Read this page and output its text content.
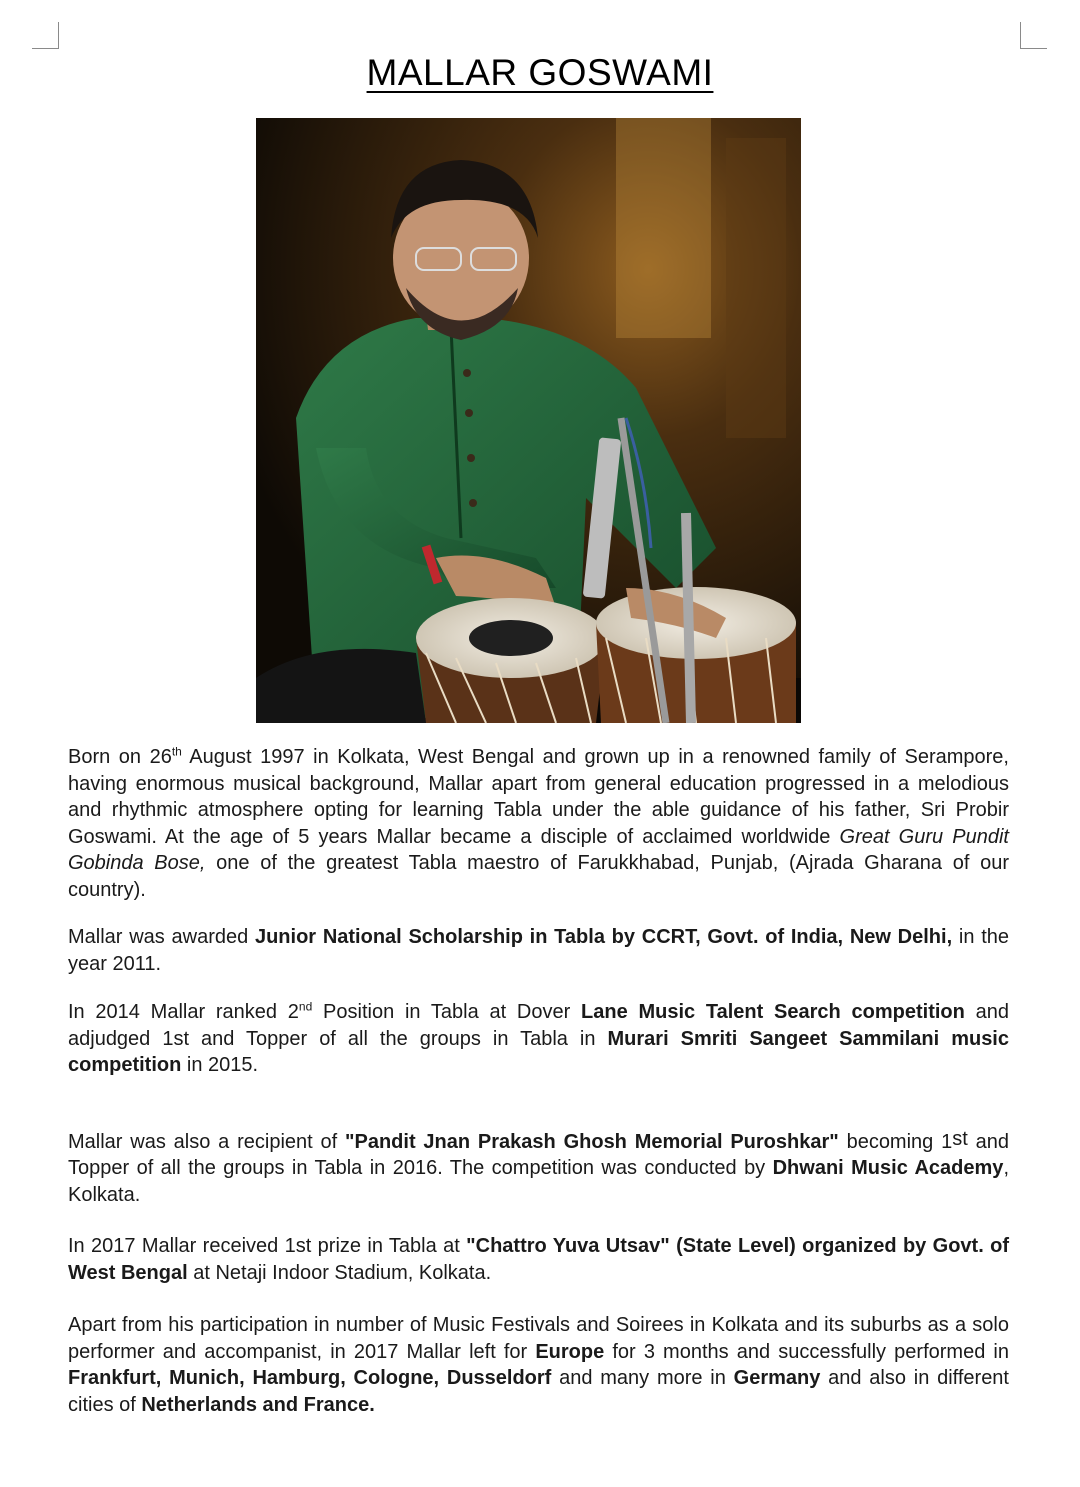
MALLAR GOSWAMI

Born on 26th August 1997 in Kolkata, West Bengal and grown up in a renowned family of Serampore, having enormous musical background, Mallar apart from general education progressed in a melodious and rhythmic atmosphere opting for learning Tabla under the able guidance of his father, Sri Probir Goswami. At the age of 5 years Mallar became a disciple of acclaimed worldwide Great Guru Pundit Gobinda Bose, one of the greatest Tabla maestro of Farukkhabad, Punjab, (Ajrada Gharana of our country).

Mallar was awarded Junior National Scholarship in Tabla by CCRT, Govt. of India, New Delhi, in the year 2011.

In 2014 Mallar ranked 2nd Position in Tabla at Dover Lane Music Talent Search competition and adjudged 1st and Topper of all the groups in Tabla in Murari Smriti Sangeet Sammilani music competition in 2015.

Mallar was also a recipient of "Pandit Jnan Prakash Ghosh Memorial Puroshkar" becoming 1st and Topper of all the groups in Tabla in 2016. The competition was conducted by Dhwani Music Academy, Kolkata.

In 2017 Mallar received 1st prize in Tabla at "Chattro Yuva Utsav" (State Level) organized by Govt. of West Bengal at Netaji Indoor Stadium, Kolkata.

Apart from his participation in number of Music Festivals and Soirees in Kolkata and its suburbs as a solo performer and accompanist, in 2017 Mallar left for Europe for 3 months and successfully performed in Frankfurt, Munich, Hamburg, Cologne, Dusseldorf and many more in Germany and also in different cities of Netherlands and France.
